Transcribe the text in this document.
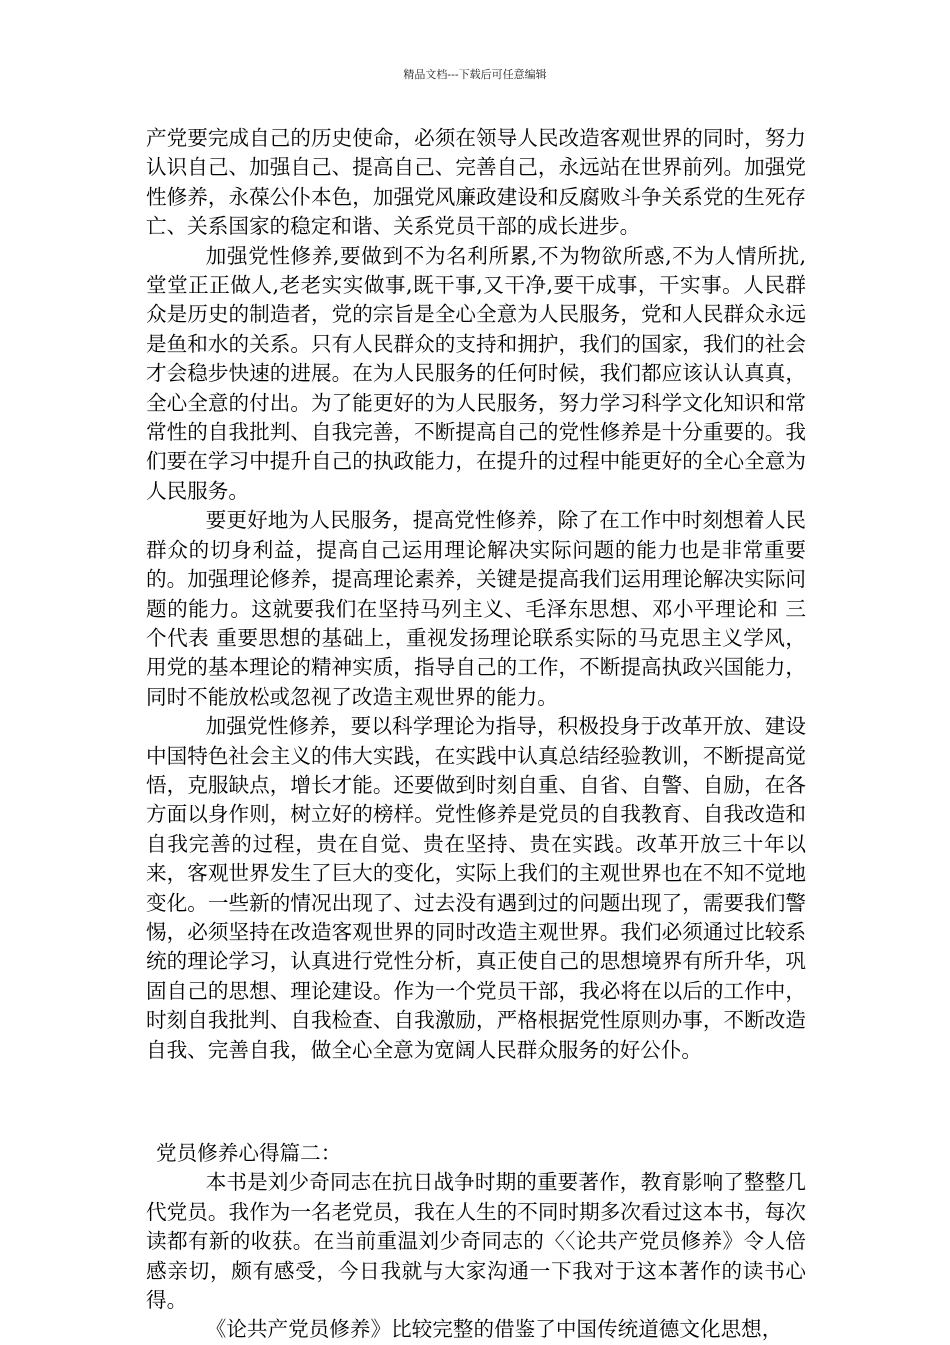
精品文档---下载后可任意编辑

产党要完成自己的历史使命，必须在领导人民改造客观世界的同时，努力认识自己、加强自己、提高自己、完善自己，永远站在世界前列。加强党性修养，永葆公仆本色，加强党风廉政建设和反腐败斗争关系党的生死存亡、关系国家的稳定和谐、关系党员干部的成长进步。

加强党性修养,要做到不为名利所累,不为物欲所惑,不为人情所扰,堂堂正正做人,老老实实做事,既干事,又干净,要干成事，干实事。人民群众是历史的制造者，党的宗旨是全心全意为人民服务，党和人民群众永远是鱼和水的关系。只有人民群众的支持和拥护，我们的国家，我们的社会才会稳步快速的进展。在为人民服务的任何时候，我们都应该认认真真，全心全意的付出。为了能更好的为人民服务，努力学习科学文化知识和常常性的自我批判、自我完善，不断提高自己的党性修养是十分重要的。我们要在学习中提升自己的执政能力，在提升的过程中能更好的全心全意为人民服务。

要更好地为人民服务，提高党性修养，除了在工作中时刻想着人民群众的切身利益，提高自己运用理论解决实际问题的能力也是非常重要的。加强理论修养，提高理论素养，关键是提高我们运用理论解决实际问题的能力。这就要我们在坚持马列主义、毛泽东思想、邓小平理论和 三个代表 重要思想的基础上，重视发扬理论联系实际的马克思主义学风，用党的基本理论的精神实质，指导自己的工作，不断提高执政兴国能力，同时不能放松或忽视了改造主观世界的能力。

加强党性修养，要以科学理论为指导，积极投身于改革开放、建设中国特色社会主义的伟大实践，在实践中认真总结经验教训，不断提高觉悟，克服缺点，增长才能。还要做到时刻自重、自省、自警、自励，在各方面以身作则，树立好的榜样。党性修养是党员的自我教育、自我改造和自我完善的过程，贵在自觉、贵在坚持、贵在实践。改革开放三十年以来，客观世界发生了巨大的变化，实际上我们的主观世界也在不知不觉地变化。一些新的情况出现了、过去没有遇到过的问题出现了，需要我们警惕，必须坚持在改造客观世界的同时改造主观世界。我们必须通过比较系统的理论学习，认真进行党性分析，真正使自己的思想境界有所升华，巩固自己的思想、理论建设。作为一个党员干部，我必将在以后的工作中，时刻自我批判、自我检查、自我激励，严格根据党性原则办事，不断改造自我、完善自我，做全心全意为宽阔人民群众服务的好公仆。

党员修养心得篇二：

本书是刘少奇同志在抗日战争时期的重要著作，教育影响了整整几代党员。我作为一名老党员，我在人生的不同时期多次看过这本书，每次读都有新的收获。在当前重温刘少奇同志的〈〈论共产党员修养》令人倍感亲切，颇有感受，今日我就与大家沟通一下我对于这本著作的读书心得。

《论共产党员修养》比较完整的借鉴了中国传统道德文化思想，
